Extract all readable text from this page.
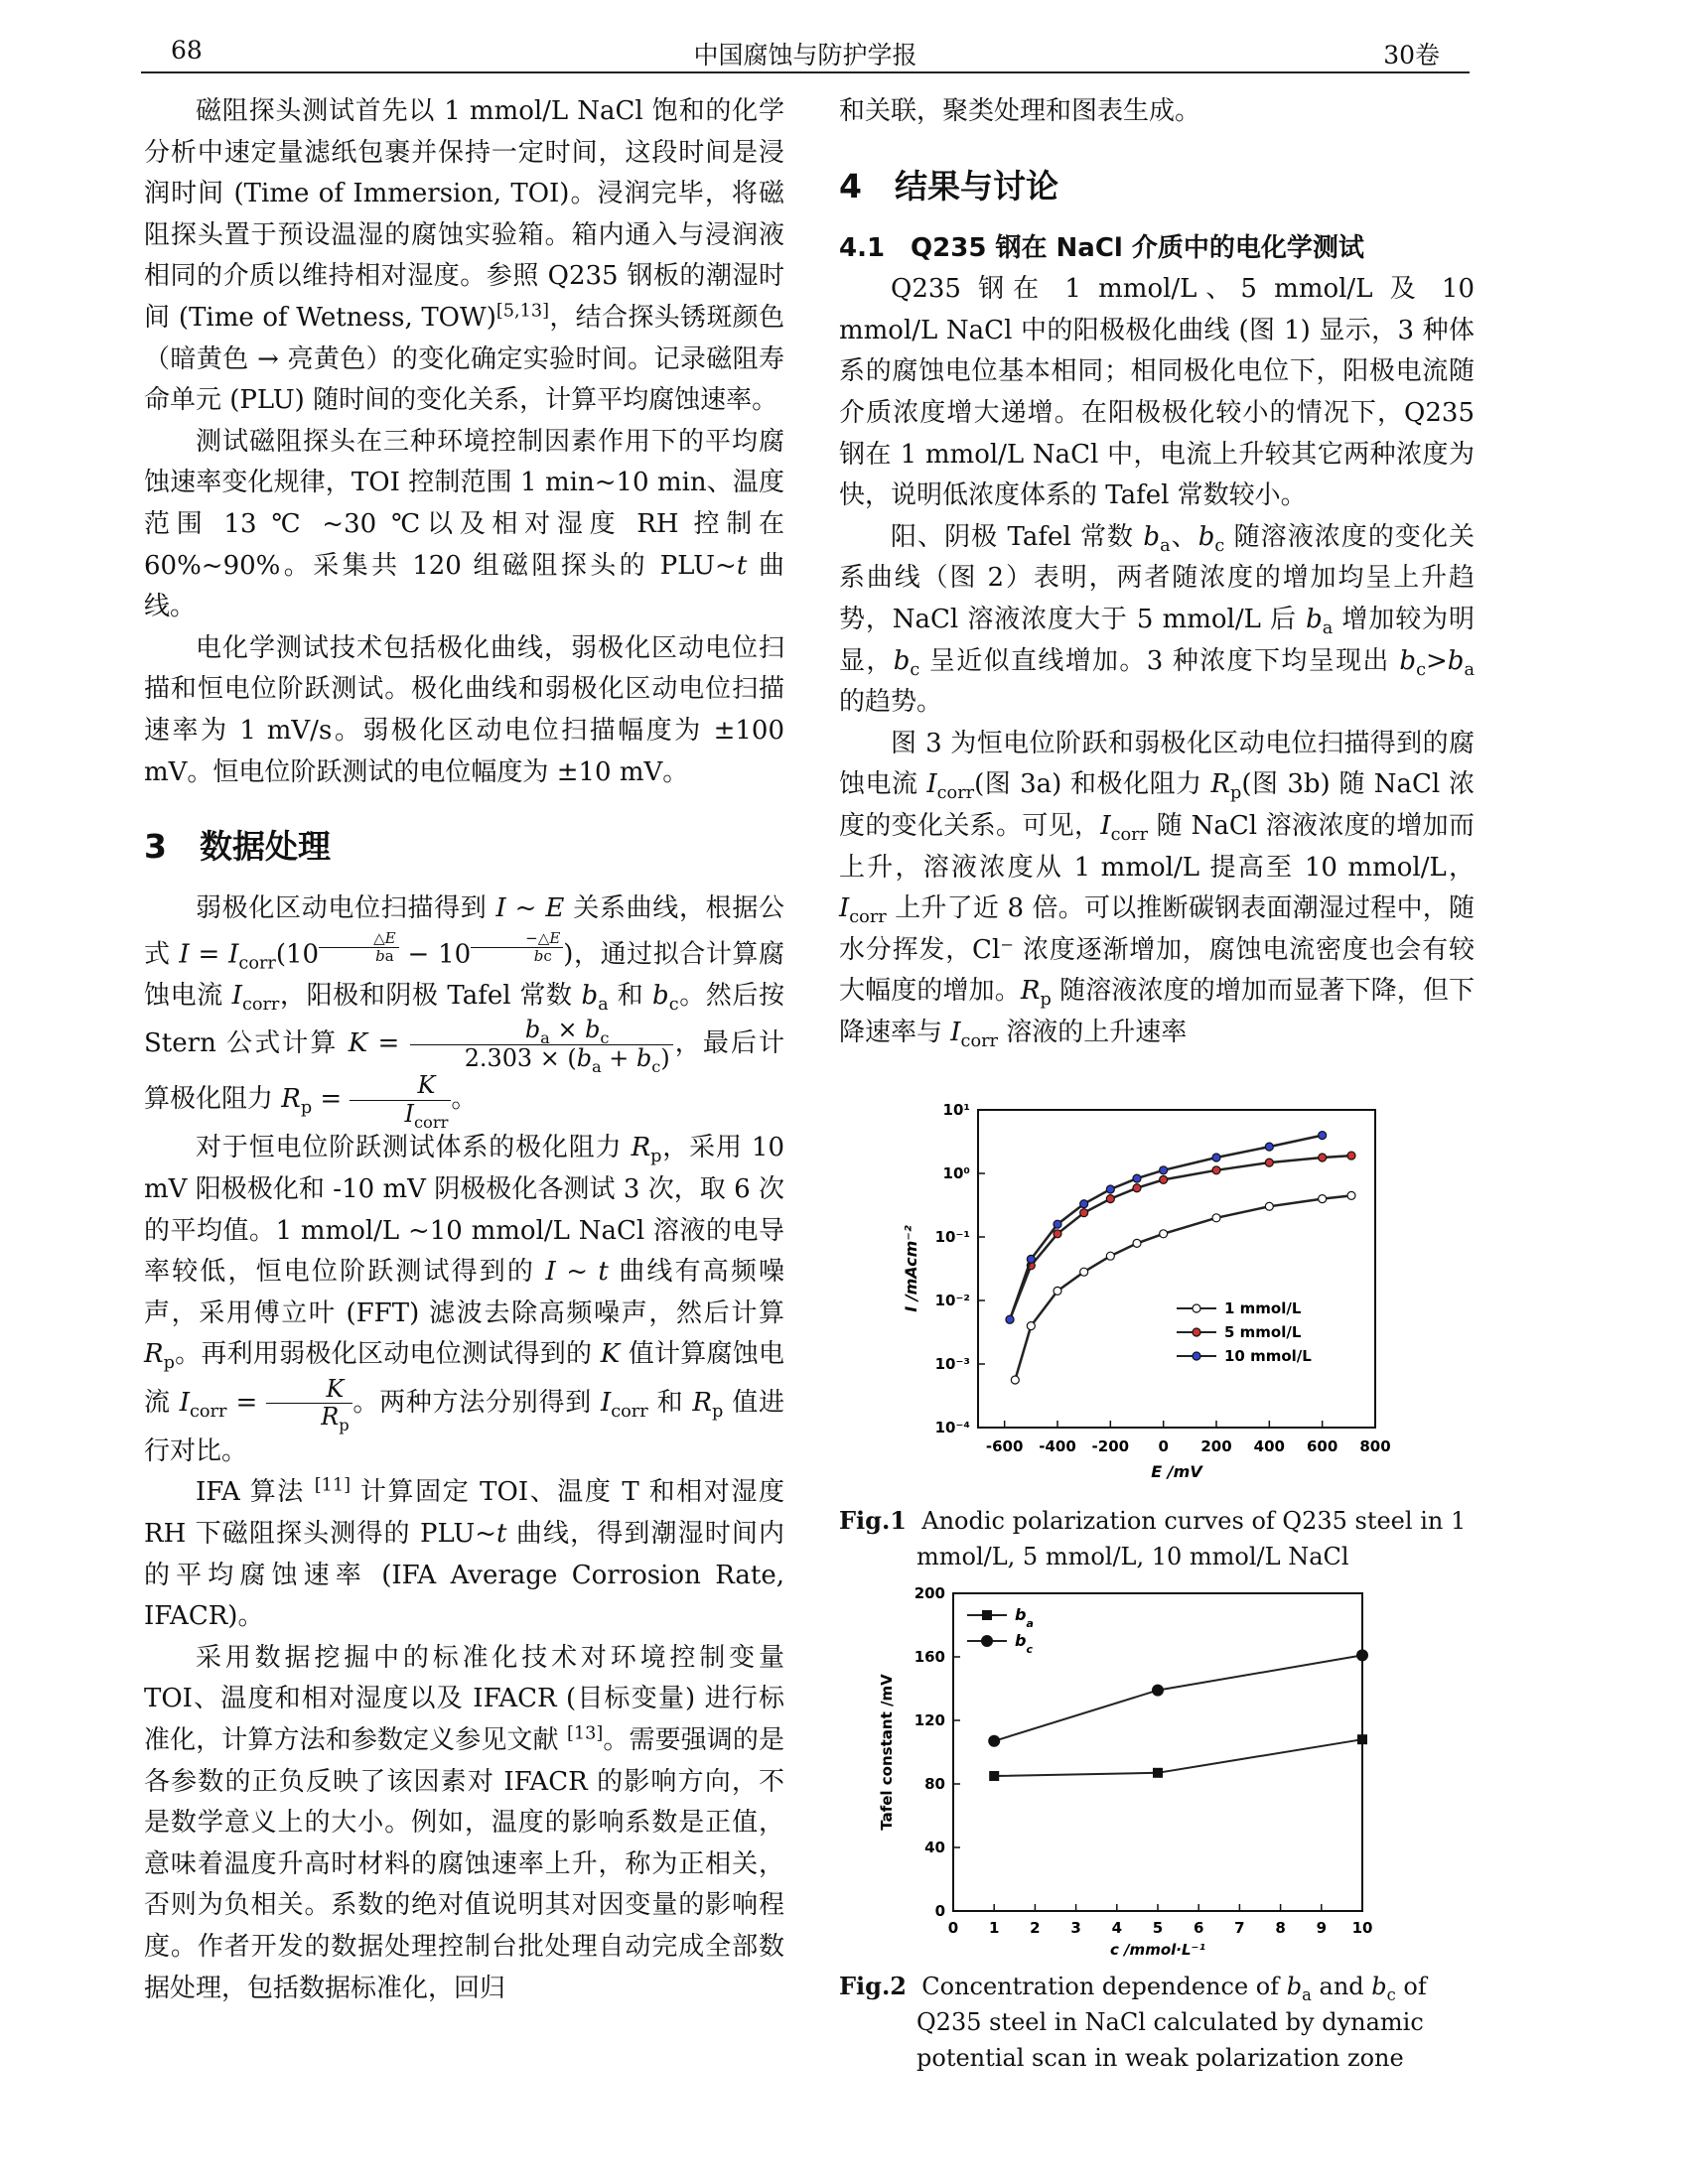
68	中国腐蚀与防护学报	30卷

磁阻探头测试首先以 1 mmol/L NaCl 饱和的化学分析中速定量滤纸包裹并保持一定时间，这段时间是浸润时间 (Time of Immersion, TOI)。浸润完毕，将磁阻探头置于预设温湿的腐蚀实验箱。箱内通入与浸润液相同的介质以维持相对湿度。参照 Q235 钢板的潮湿时间 (Time of Wetness, TOW)[5,13]，结合探头锈斑颜色（暗黄色 → 亮黄色）的变化确定实验时间。记录磁阻寿命单元 (PLU) 随时间的变化关系，计算平均腐蚀速率。

测试磁阻探头在三种环境控制因素作用下的平均腐蚀速率变化规律，TOI 控制范围 1 min~10 min、温度范围 13 ℃ ~30 ℃以及相对湿度 RH 控制在 60%~90%。采集共 120 组磁阻探头的 PLU~t 曲线。

电化学测试技术包括极化曲线，弱极化区动电位扫描和恒电位阶跃测试。极化曲线和弱极化区动电位扫描速率为 1 mV/s。弱极化区动电位扫描幅度为 ±100 mV。恒电位阶跃测试的电位幅度为 ±10 mV。

3　数据处理

弱极化区动电位扫描得到 I ~ E 关系曲线，根据公式 $I = I_{corr}(10$ $^{\frac{\triangle E}{ba}}$ − 10 $^{\frac{-\triangle E}{bc}}$ )，通过拟合计算腐蚀电流 $I_{corr}$，阳极和阴极 Tafel 常数 $b_a$ 和 $b_c$。然后按 Stern 公式计算 $K = \frac{b_a \times b_c}{2.303 \times (b_a + b_c)}$ ，最后计算极化阻力 $R_p = \frac{K}{I_{corr}}$ 。

对于恒电位阶跃测试体系的极化阻力 $R_p$，采用 10 mV 阳极极化和 -10 mV 阴极极化各测试 3 次，取 6 次的平均值。1 mmol/L ~10 mmol/L NaCl 溶液的电导率较低，恒电位阶跃测试得到的 I ~ t 曲线有高频噪声，采用傅立叶 (FFT) 滤波去除高频噪声，然后计算 $R_p$。再利用弱极化区动电位测试得到的 K 值计算腐蚀电流 $I_{corr} = \frac{K}{R_p}$ 。两种方法分别得到 $I_{corr}$ 和 $R_p$ 值进行对比。

IFA 算法 [11] 计算固定 TOI、温度 T 和相对湿度 RH 下磁阻探头测得的 PLU~t 曲线，得到潮湿时间内的平均腐蚀速率 (IFA Average Corrosion Rate, IFACR)。

采用数据挖掘中的标准化技术对环境控制变量 TOI、温度和相对湿度以及 IFACR (目标变量) 进行标准化，计算方法和参数定义参见文献 [13]。需要强调的是各参数的正负反映了该因素对 IFACR 的影响方向，不是数学意义上的大小。例如，温度的影响系数是正值，意味着温度升高时材料的腐蚀速率上升，称为正相关，否则为负相关。系数的绝对值说明其对因变量的影响程度。作者开发的数据处理控制台批处理自动完成全部数据处理，包括数据标准化，回归

和关联，聚类处理和图表生成。

4　结果与讨论
4.1　Q235 钢在 NaCl 介质中的电化学测试

Q235 钢在 1 mmol/L、5 mmol/L 及 10 mmol/L NaCl 中的阳极极化曲线 (图 1) 显示，3 种体系的腐蚀电位基本相同；相同极化电位下，阳极电流随介质浓度增大递增。在阳极极化较小的情况下，Q235 钢在 1 mmol/L NaCl 中，电流上升较其它两种浓度为快，说明低浓度体系的 Tafel 常数较小。

阳、阴极 Tafel 常数 $b_a$、$b_c$ 随溶液浓度的变化关系曲线（图 2）表明，两者随浓度的增加均呈上升趋势，NaCl 溶液浓度大于 5 mmol/L 后 $b_a$ 增加较为明显，$b_c$ 呈近似直线增加。3 种浓度下均呈现出 $b_c>b_a$ 的趋势。

图 3 为恒电位阶跃和弱极化区动电位扫描得到的腐蚀电流 $I_{corr}$(图 3a) 和极化阻力 $R_p$(图 3b) 随 NaCl 浓度的变化关系。可见，$I_{corr}$ 随 NaCl 溶液浓度的增加而上升，溶液浓度从 1 mmol/L 提高至 10 mmol/L，$I_{corr}$ 上升了近 8 倍。可以推断碳钢表面潮湿过程中，随水分挥发，Cl⁻ 浓度逐渐增加，腐蚀电流密度也会有较大幅度的增加。$R_p$ 随溶液浓度的增加而显著下降，但下降速率与 $I_{corr}$ 溶液的上升速率

-600 -400 -200 0 200 400 600 800
10¹
10⁰
10⁻¹
10⁻²
10⁻³
10⁻⁴
E /mV
I /mAcm⁻²	1 mmol/L
5 mmol/L
10 mmol/L
Fig.1 Anodic polarization curves of Q235 steel in 1 mmol/L, 5 mmol/L, 10 mmol/L NaCl
0 1 2 3 4 5 6 7 8 9 10
0
40
80
120
160
200
c /mmol·L⁻¹
Tafel constant /mV
$b_a$
$b_c$
Fig.2 Concentration dependence of $b_a$ and $b_c$ of Q235 steel in NaCl calculated by dynamic potential scan in weak polarization zone
